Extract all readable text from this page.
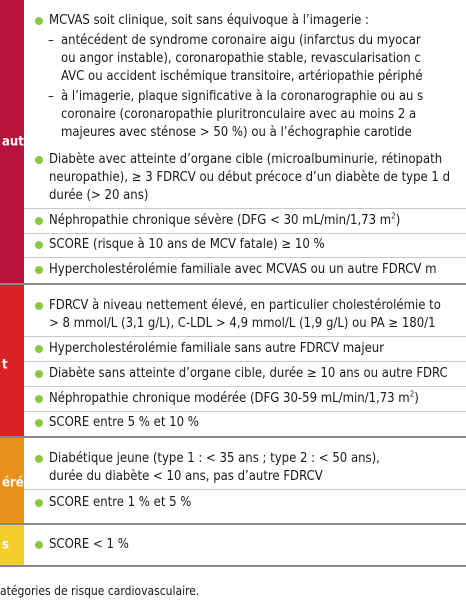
aut
MCVAS soit clinique, soit sans équivoque à l’imagerie :
– antécédent de syndrome coronaire aigu (infarctus du myocar
ou angor instable), coronaropathie stable, revascularisation c
AVC ou accident ischémique transitoire, artériopathie périphé
– à l’imagerie, plaque significative à la coronarographie ou au s
coronaire (coronaropathie pluritronculaire avec au moins 2 a
majeures avec sténose > 50 %) ou à l’échographie carotide
Diabète avec atteinte d’organe cible (microalbuminurie, rétinopath
neuropathie), ≥ 3 FDRCV ou début précoce d’un diabète de type 1 d
durée (> 20 ans)
Néphropathie chronique sévère (DFG < 30 mL/min/1,73 $m^2$)
SCORE (risque à 10 ans de MCV fatale) ≥ 10 %
Hypercholestérolémie familiale avec MCVAS ou un autre FDRCV m
t
FDRCV à niveau nettement élevé, en particulier cholestérolémie to
> 8 mmol/L (3,1 g/L), C-LDL > 4,9 mmol/L (1,9 g/L) ou PA ≥ 180/1
Hypercholestérolémie familiale sans autre FDRCV majeur
Diabète sans atteinte d’organe cible, durée ≥ 10 ans ou autre FDRC
Néphropathie chronique modérée (DFG 30-59 mL/min/1,73 $m^2$)
SCORE entre 5 % et 10 %
éré
Diabétique jeune (type 1 : < 35 ans ; type 2 : < 50 ans),
durée du diabète < 10 ans, pas d’autre FDRCV
SCORE entre 1 % et 5 %
s	SCORE < 1 %
atégories de risque cardiovasculaire.
